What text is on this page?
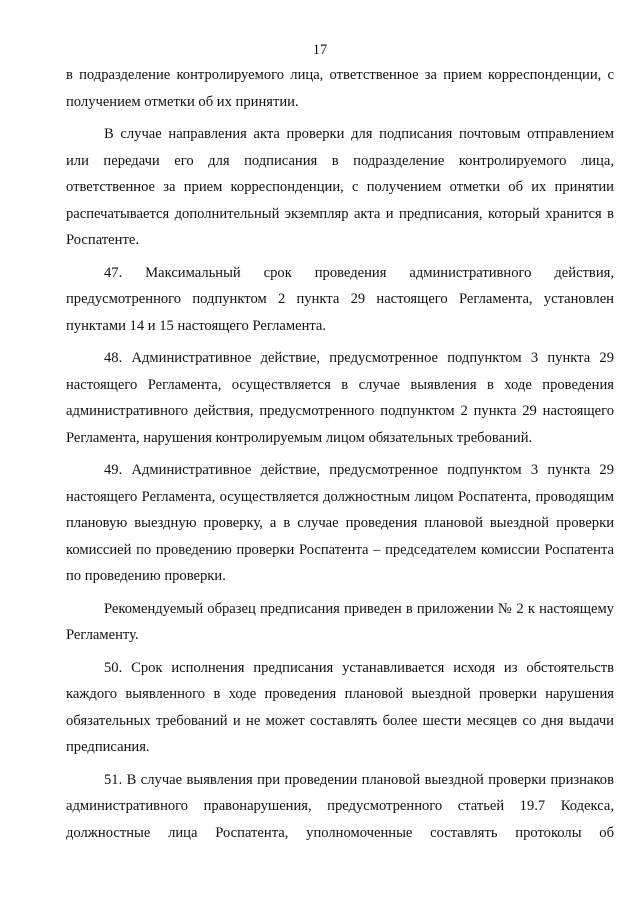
17

в подразделение контролируемого лица, ответственное за прием корреспонденции, с получением отметки об их принятии.

В случае направления акта проверки для подписания почтовым отправлением или передачи его для подписания в подразделение контролируемого лица, ответственное за прием корреспонденции, с получением отметки об их принятии распечатывается дополнительный экземпляр акта и предписания, который хранится в Роспатенте.

47. Максимальный срок проведения административного действия, предусмотренного подпунктом 2 пункта 29 настоящего Регламента, установлен пунктами 14 и 15 настоящего Регламента.

48. Административное действие, предусмотренное подпунктом 3 пункта 29 настоящего Регламента, осуществляется в случае выявления в ходе проведения административного действия, предусмотренного подпунктом 2 пункта 29 настоящего Регламента, нарушения контролируемым лицом обязательных требований.

49. Административное действие, предусмотренное подпунктом 3 пункта 29 настоящего Регламента, осуществляется должностным лицом Роспатента, проводящим плановую выездную проверку, а в случае проведения плановой выездной проверки комиссией по проведению проверки Роспатента – председателем комиссии Роспатента по проведению проверки.

Рекомендуемый образец предписания приведен в приложении № 2 к настоящему Регламенту.

50. Срок исполнения предписания устанавливается исходя из обстоятельств каждого выявленного в ходе проведения плановой выездной проверки нарушения обязательных требований и не может составлять более шести месяцев со дня выдачи предписания.

51. В случае выявления при проведении плановой выездной проверки признаков административного правонарушения, предусмотренного статьей 19.7 Кодекса, должностные лица Роспатента, уполномоченные составлять протоколы об
